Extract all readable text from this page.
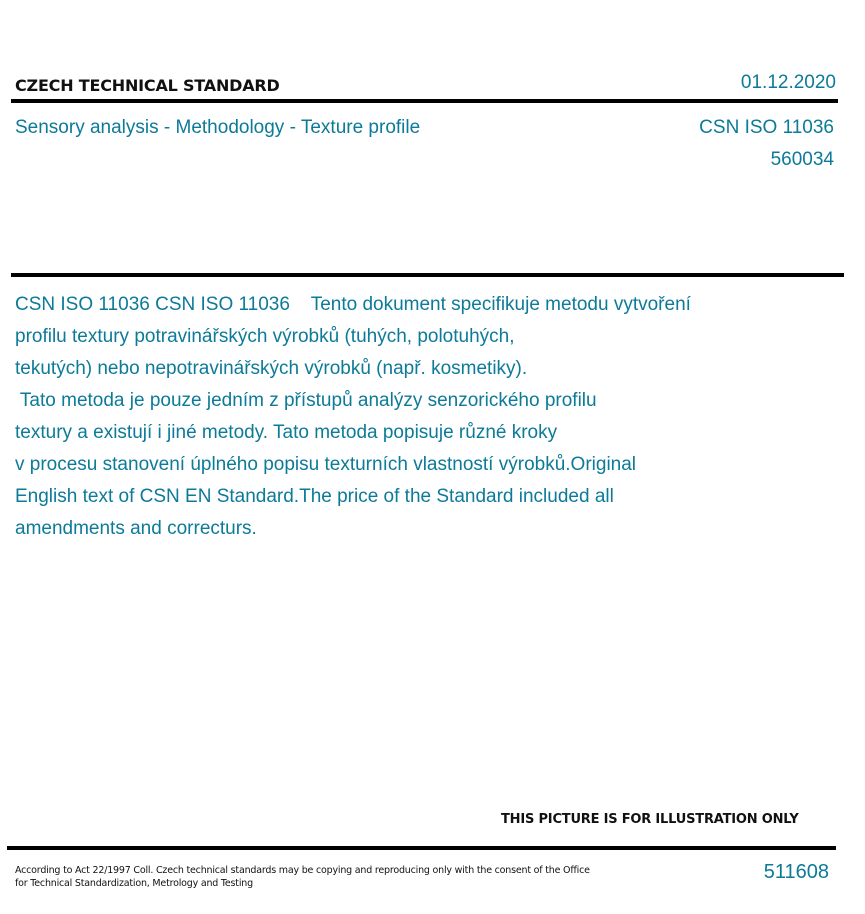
CZECH TECHNICAL STANDARD	01.12.2020
Sensory analysis - Methodology - Texture profile	CSN ISO 11036
560034
CSN ISO 11036 CSN ISO 11036    Tento dokument specifikuje metodu vytvoření
profilu textury potravinářských výrobků (tuhých, polotuhých,
tekutých) nebo nepotravinářských výrobků (např. kosmetiky).
Tato metoda je pouze jedním z přístupů analýzy senzorického profilu
textury a existují i jiné metody. Tato metoda popisuje různé kroky
v procesu stanovení úplného popisu texturních vlastností výrobků.Original
English text of CSN EN Standard.The price of the Standard included all
amendments and correcturs.
THIS PICTURE IS FOR ILLUSTRATION ONLY
According to Act 22/1997 Coll. Czech technical standards may be copying and reproducing only with the consent of the Office
for Technical Standardization, Metrology and Testing
511608
